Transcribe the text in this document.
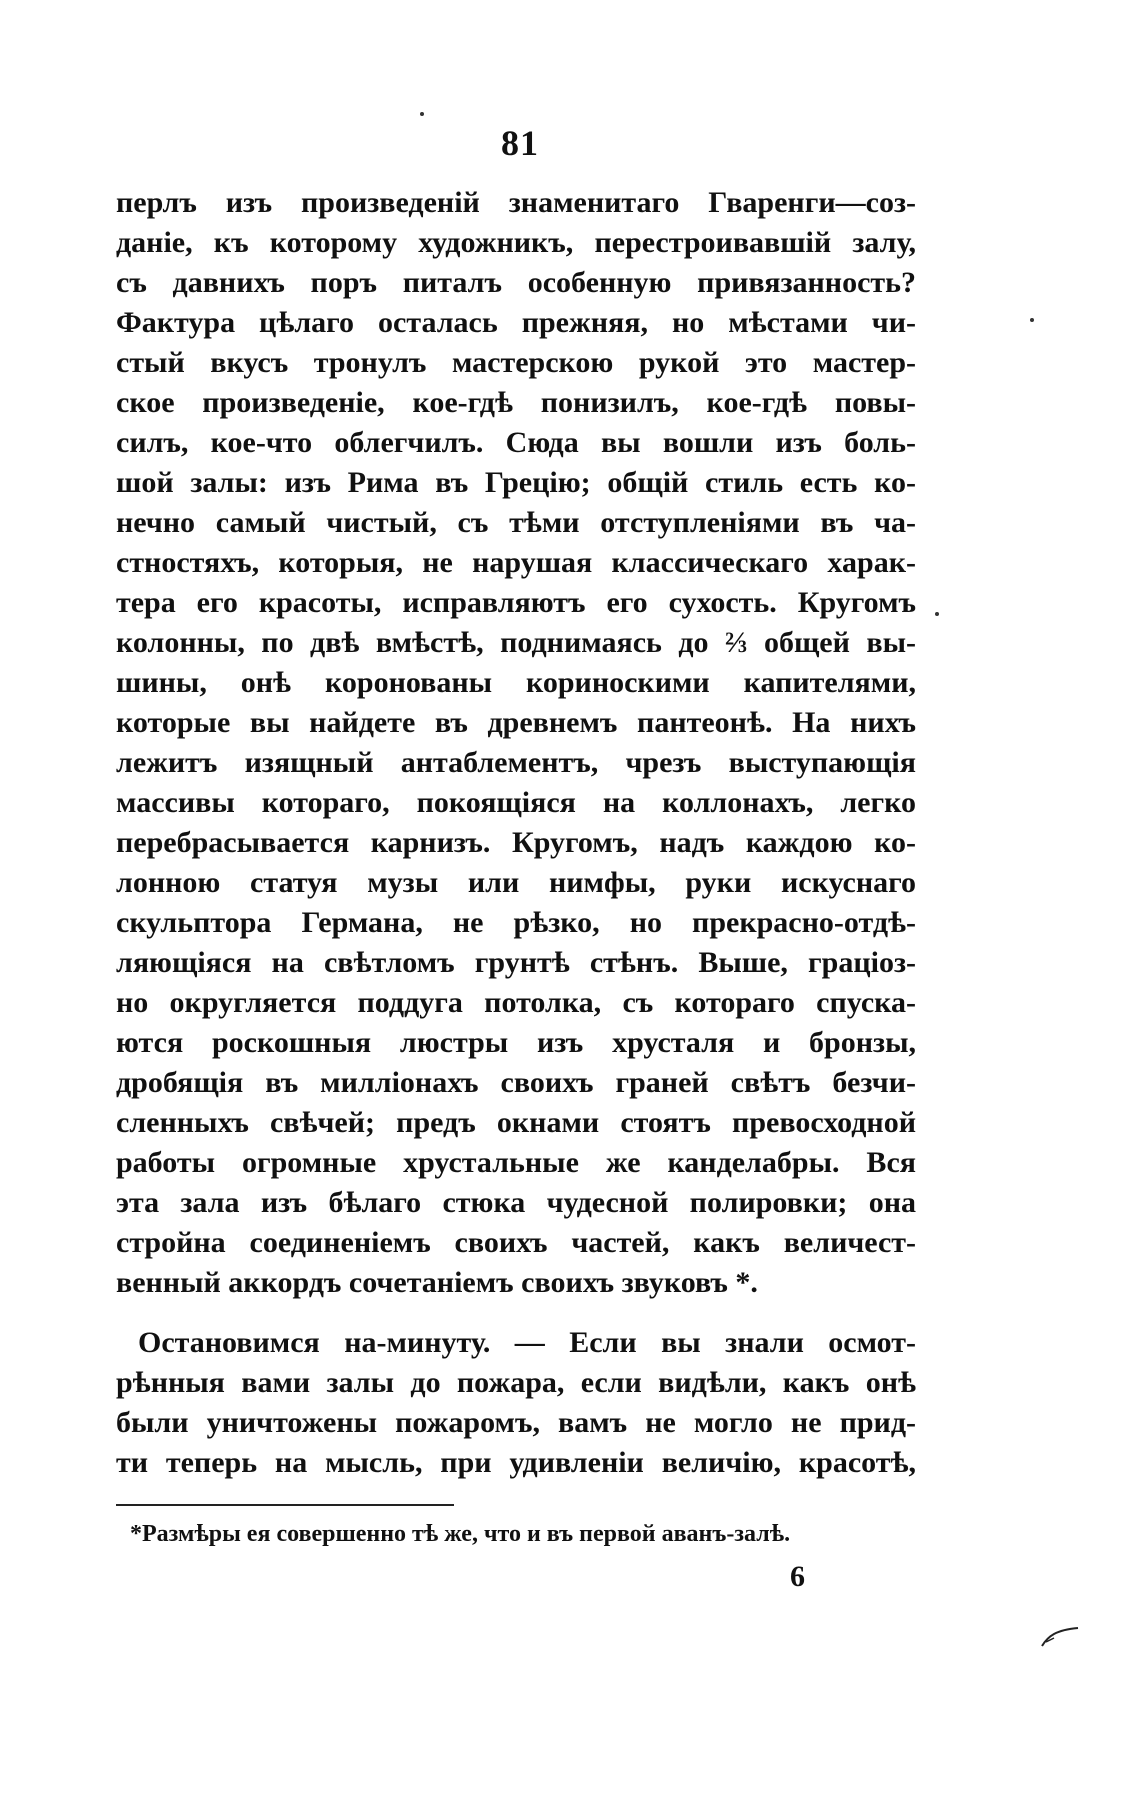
81
перлъ изъ произведенiй знаменитаго Гваренги—соз-
данiе, къ которому художникъ, перестроивавшiй залу,
съ давнихъ поръ питалъ особенную привязанность?
Фактура цѣлаго осталась прежняя, но мѣстами чи-
стый вкусъ тронулъ мастерскою рукой это мастер-
ское произведенiе, кое-гдѣ понизилъ, кое-гдѣ повы-
силъ, кое-что облегчилъ. Сюда вы вошли изъ боль-
шой залы: изъ Рима въ Грецiю; общiй стиль есть ко-
нечно самый чистый, съ тѣми отступленiями въ ча-
стностяхъ, которыя, не нарушая классическаго харак-
тера его красоты, исправляютъ его сухость. Кругомъ
колонны, по двѣ вмѣстѣ, поднимаясь до ⅔ общей вы-
шины, онѣ коронованы кориноскими капителями,
которые вы найдете въ древнемъ пантеонѣ. На нихъ
лежитъ изящный антаблементъ, чрезъ выступающiя
массивы котораго, покоящiяся на коллонахъ, легко
перебрасывается карнизъ. Кругомъ, надъ каждою ко-
лонною статуя музы или нимфы, руки искуснаго
скульптора Германа, не рѣзко, но прекрасно-отдѣ-
ляющiяся на свѣтломъ грунтѣ стѣнъ. Выше, грацiоз-
но округляется поддуга потолка, съ котораго спуска-
ются роскошныя люстры изъ хрусталя и бронзы,
дробящiя въ миллiонахъ своихъ граней свѣтъ безчи-
сленныхъ свѣчей; предъ окнами стоятъ превосходной
работы огромные хрустальные же канделабры. Вся
эта зала изъ бѣлаго стюка чудесной полировки; она
стройна соединенiемъ своихъ частей, какъ величест-
венный аккордъ сочетанiемъ своихъ звуковъ *.
Остановимся на-минуту. — Если вы знали осмот-
рѣнныя вами залы до пожара, если видѣли, какъ онѣ
были уничтожены пожаромъ, вамъ не могло не прид-
ти теперь на мысль, при удивленiи величiю, красотѣ,
*Размѣры ея совершенно тѣ же, что и въ первой аванъ-залѣ.
6
